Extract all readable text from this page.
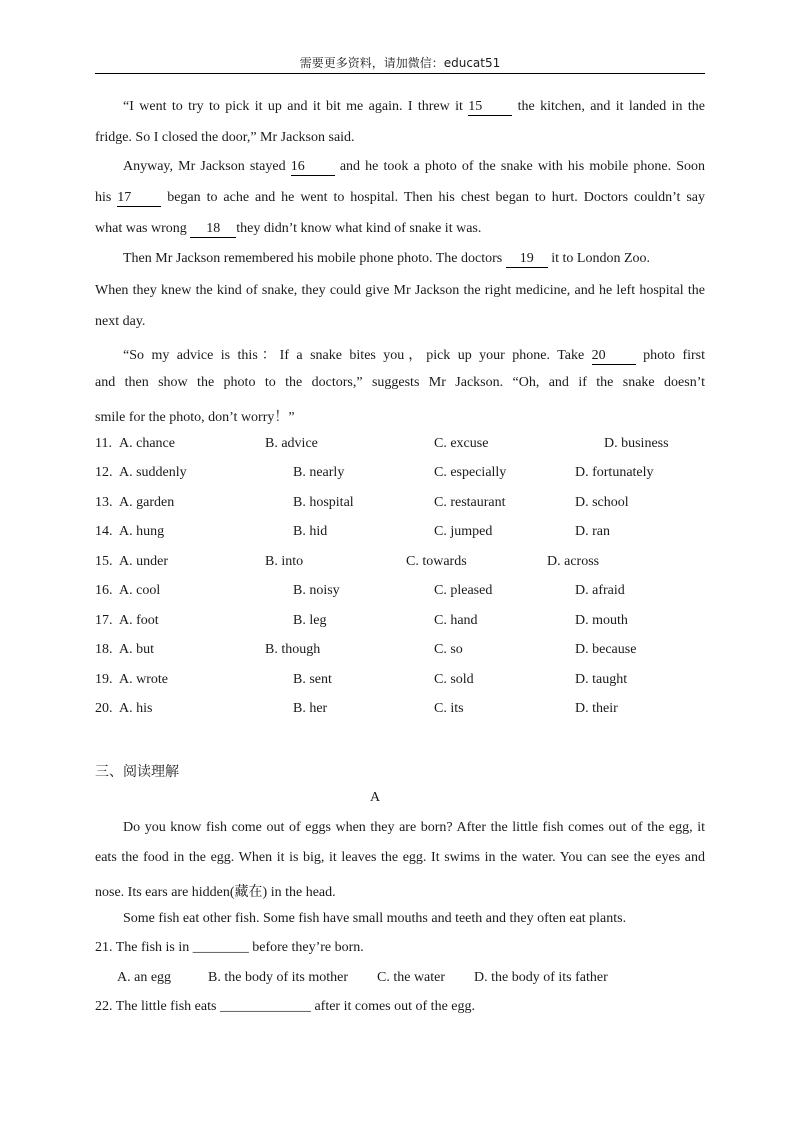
需要更多资料，请加微信：educat51
“I went to try to pick it up and it bit me again. I threw it 15 the kitchen, and it landed in the
fridge. So I closed the door,” Mr Jackson said.
Anyway, Mr Jackson stayed 16 and he took a photo of the snake with his mobile phone. Soon
his 17 began to ache and he went to hospital. Then his chest began to hurt. Doctors couldn’t say
what was wrong 18 they didn’t know what kind of snake it was.
Then Mr Jackson remembered his mobile phone photo. The doctors 19 it to London Zoo.
When they knew the kind of snake, they could give Mr Jackson the right medicine, and he left hospital the
next day.
“So my advice is this：If a snake bites you，pick up your phone. Take 20 photo first
and then show the photo to the doctors,” suggests Mr Jackson. “Oh, and if the snake doesn’t
smile for the photo, don’t worry！”
11. A. chance	B. advice	C. excuse	D. business
12. A. suddenly	B. nearly	C. especially	D. fortunately
13. A. garden	B. hospital	C. restaurant	D. school
14. A. hung	B. hid	C. jumped	D. ran
15. A. under	B. into	C. towards	D. across
16. A. cool	B. noisy	C. pleased	D. afraid
17. A. foot	B. leg	C. hand	D. mouth
18. A. but	B. though	C. so	D. because
19. A. wrote	B. sent	C. sold	D. taught
20. A. his	B. her	C. its	D. their
三、阅读理解
A
Do you know fish come out of eggs when they are born? After the little fish comes out of the egg, it
eats the food in the egg. When it is big, it leaves the egg. It swims in the water. You can see the eyes and
nose. Its ears are hidden(藏在) in the head.
Some fish eat other fish. Some fish have small mouths and teeth and they often eat plants.
21. The fish is in ________ before they’re born.
A. an egg	B. the body of its mother C. the water D. the body of its father
22. The little fish eats _____________ after it comes out of the egg.
